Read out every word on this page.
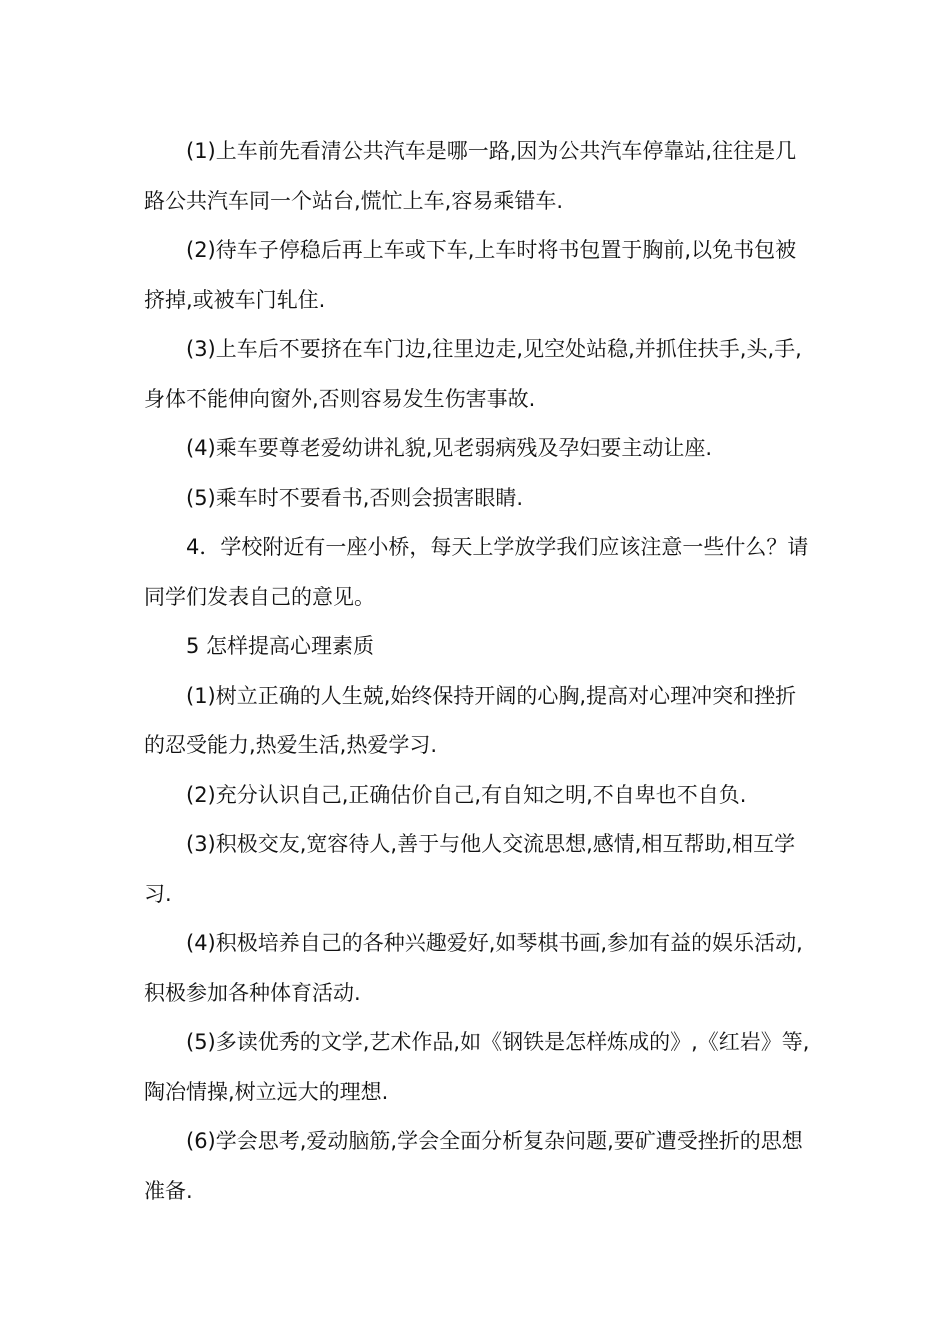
(1)上车前先看清公共汽车是哪一路,因为公共汽车停靠站,往往是几路公共汽车同一个站台,慌忙上车,容易乘错车.

(2)待车子停稳后再上车或下车,上车时将书包置于胸前,以免书包被挤掉,或被车门轧住.

(3)上车后不要挤在车门边,往里边走,见空处站稳,并抓住扶手,头,手,身体不能伸向窗外,否则容易发生伤害事故.

(4)乘车要尊老爱幼讲礼貌,见老弱病残及孕妇要主动让座.

(5)乘车时不要看书,否则会损害眼睛.

4．学校附近有一座小桥，每天上学放学我们应该注意一些什么？请同学们发表自己的意见。

5 怎样提高心理素质

(1)树立正确的人生兢,始终保持开阔的心胸,提高对心理冲突和挫折的忍受能力,热爱生活,热爱学习.

(2)充分认识自己,正确估价自己,有自知之明,不自卑也不自负.

(3)积极交友,宽容待人,善于与他人交流思想,感情,相互帮助,相互学习.

(4)积极培养自己的各种兴趣爱好,如琴棋书画,参加有益的娱乐活动,积极参加各种体育活动.

(5)多读优秀的文学,艺术作品,如《钢铁是怎样炼成的》,《红岩》等,陶冶情操,树立远大的理想.

(6)学会思考,爱动脑筋,学会全面分析复杂问题,要矿遭受挫折的思想准备.
